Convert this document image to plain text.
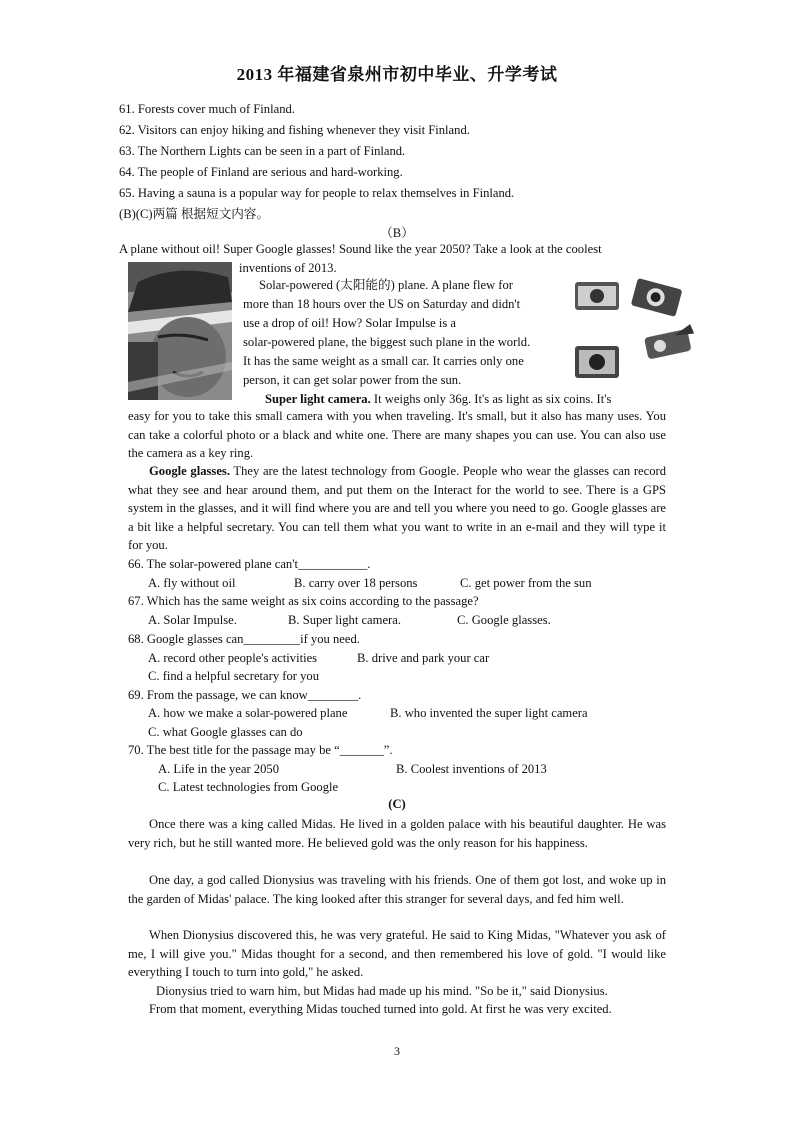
2013 年福建省泉州市初中毕业、升学考试
61. Forests cover much of Finland.
62. Visitors can enjoy hiking and fishing whenever they visit Finland.
63. The Northern Lights can be seen in a part of Finland.
64. The people of Finland are serious and hard-working.
65. Having a sauna is a popular way for people to relax themselves in Finland.
(B)(C)两篇 根据短文内容。
（B）
A plane without oil! Super Google glasses! Sound like the year 2050? Take a look at the coolest
inventions of 2013.
Solar-powered (太阳能的) plane. A plane flew for
more than 18 hours over the US on Saturday and didn't
use a drop of oil! How? Solar Impulse is a
solar-powered plane, the biggest such plane in the world.
It has the same weight as a small car. It carries only one
person, it can get solar power from the sun.
Super light camera. It weighs only 36g. It's as light as six coins. It's
easy for you to take this small camera with you when traveling. It's small, but it also has many uses. You can take a colorful photo or a black and white one. There are many shapes you can use. You can also use the camera as a key ring.
Google glasses. They are the latest technology from Google. People who wear the glasses can record what they see and hear around them, and put them on the Interact for the world to see. There is a GPS system in the glasses, and it will find where you are and tell you where you need to go. Google glasses are a bit like a helpful secretary. You can tell them what you want to write in an e-mail and they will type it for you.
66. The solar-powered plane can't___________.
A. fly without oil	B. carry over 18 persons	C. get power from the sun
67. Which has the same weight as six coins according to the passage?
A. Solar Impulse.	B. Super light camera.	C. Google glasses.
68. Google glasses can_________if you need.
A. record other people's activities	B. drive and park your car
C. find a helpful secretary for you
69. From the passage, we can know________.
A. how we make a solar-powered plane	B. who invented the super light camera
C. what Google glasses can do
70. The best title for the passage may be “_______”.
A. Life in the year 2050	B. Coolest inventions of 2013
C. Latest technologies from Google
(C)
Once there was a king called Midas. He lived in a golden palace with his beautiful daughter. He was very rich, but he still wanted more. He believed gold was the only reason for his happiness.
One day, a god called Dionysius was traveling with his friends. One of them got lost, and woke up in the garden of Midas' palace. The king looked after this stranger for several days, and fed him well.
When Dionysius discovered this, he was very grateful. He said to King Midas, "Whatever you ask of me, I will give you." Midas thought for a second, and then remembered his love of gold. "I would like everything I touch to turn into gold," he asked.
Dionysius tried to warn him, but Midas had made up his mind. "So be it," said Dionysius.
From that moment, everything Midas touched turned into gold. At first he was very excited.
3
